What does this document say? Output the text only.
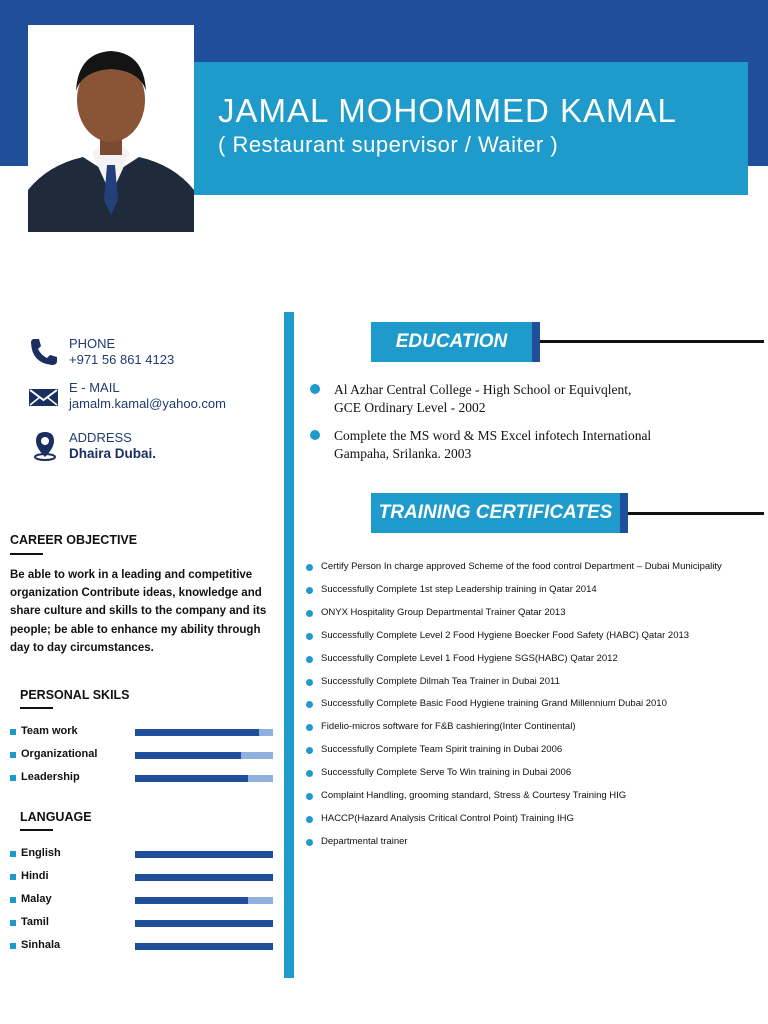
JAMAL MOHOMMED KAMAL
( Restaurant supervisor / Waiter )
PHONE
+971 56 861 4123
E - MAIL
jamalm.kamal@yahoo.com
ADDRESS
Dhaira Dubai.
CAREER OBJECTIVE
Be able to work in a leading and competitive organization Contribute ideas, knowledge and share culture and skills to the company and its people; be able to enhance my ability through day to day circumstances.
PERSONAL SKILS
Team work
Organizational
Leadership
LANGUAGE
English
Hindi
Malay
Tamil
Sinhala
EDUCATION
Al Azhar Central College - High School or Equivqlent,
GCE Ordinary Level - 2002
Complete the MS word & MS Excel infotech International
Gampaha, Srilanka. 2003
TRAINING CERTIFICATES
Certify Person In charge approved Scheme of the food control Department – Dubai Municipality
Successfully Complete 1st step Leadership training in Qatar 2014
ONYX Hospitality Group Departmental Trainer Qatar 2013
Successfully Complete Level 2 Food Hygiene Boecker Food Safety (HABC) Qatar 2013
Successfully Complete Level 1 Food Hygiene SGS(HABC) Qatar 2012
Successfully Complete Dilmah Tea Trainer in Dubai 2011
Successfully Complete Basic Food Hygiene training Grand Millennium Dubai 2010
Fidelio-micros software for F&B cashiering(Inter Continental)
Successfully Complete Team Spirit training in Dubai 2006
Successfully Complete Serve To Win training in Dubai 2006
Complaint Handling, grooming standard, Stress & Courtesy Training HIG
HACCP(Hazard Analysis Critical Control Point) Training IHG
Departmental trainer
